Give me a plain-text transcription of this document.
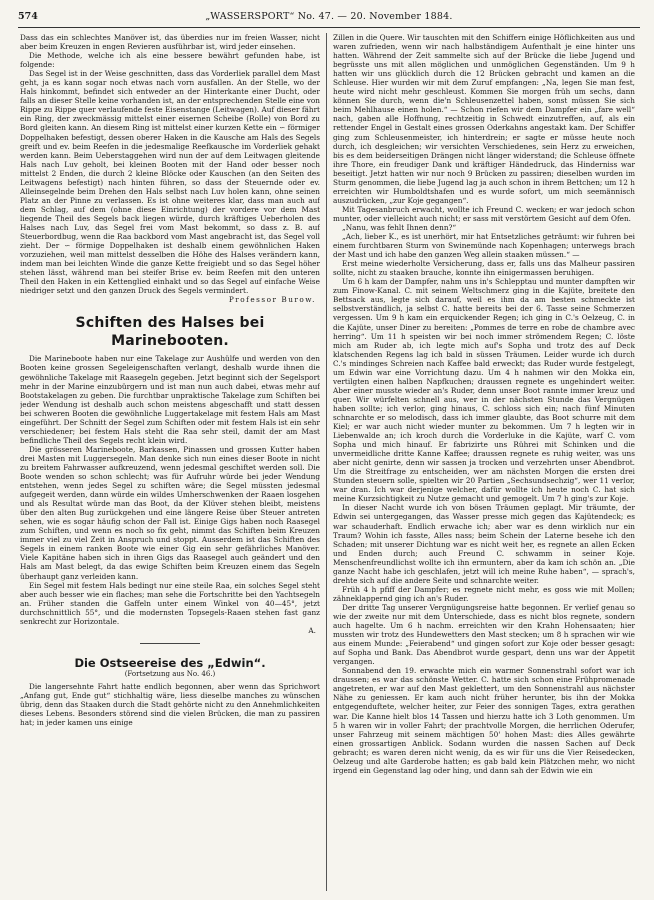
574	„WASSERSPORT“ No. 47. — 20. November 1884.

Dass das ein schlechtes Manöver ist, das überdies nur im freien Wasser, nicht aber beim Kreuzen in engen Revieren ausführbar ist, wird jeder einsehen.

Die Methode, welche ich als eine bessere bewährt gefunden habe, ist folgende:

Das Segel ist in der Weise geschnitten, dass das Vorderliek parallel dem Mast geht, ja es kann sogar noch etwas nach vorn ausfallen. An der Stelle, wo der Hals hinkommt, befindet sich entweder an der Hinterkante einer Ducht, oder falls an dieser Stelle keine vorhanden ist, an der entsprechenden Stelle eine von Rippe zu Rippe quer verlaufende feste Eisenstange (Leitwagen). Auf dieser fährt ein Ring, der zweckmässig mittelst einer eisernen Scheibe (Rolle) von Bord zu Bord gleiten kann. An diesem Ring ist mittelst einer kurzen Kette ein ∽ förmiger Doppelhaken befestigt, dessen oberer Haken in die Kausche am Hals des Segels greift und ev. beim Reefen in die jedesmalige Reefkausche im Vorderliek gehakt werden kann. Beim Ueberstaggehen wird nun der auf dem Leitwagen gleitende Hals nach Luv geholt, bei kleinen Booten mit der Hand oder besser noch mittelst 2 Enden, die durch 2 kleine Blöcke oder Kauschen (an den Seiten des Leitwagens befestigt) nach hinten führen, so dass der Steuernde oder ev. Alleinsegelnde beim Drehen den Hals selbst nach Luv holen kann, ohne seinen Platz an der Pinne zu verlassen. Es ist ohne weiteres klar, dass man auch auf dem Schlag, auf dem (ohne diese Einrichtung) der vordere vor dem Mast liegende Theil des Segels back liegen würde, durch kräftiges Ueberholen des Halses nach Luv, das Segel frei vom Mast bekommt, so dass z. B. auf Steuerbordbug, wenn die Raa backbord vom Mast angebracht ist, das Segel voll zieht. Der ∽ förmige Doppelhaken ist deshalb einem gewöhnlichen Haken vorzuziehen, weil man mittelst desselben die Höhe des Halses verändern kann, indem man bei leichten Winde die ganze Kette freigiebt und so das Segel höher stehen lässt, während man bei steifer Brise ev. beim Reefen mit den unteren Theil den Haken in ein Kettenglied einhakt und so das Segel auf einfache Weise niedriger setzt und den ganzen Druck des Segels vermindert.

Professor Burow.

Schiften des Halses bei Marinebooten.

Die Marineboote haben nur eine Takelage zur Aushülfe und werden von den Booten keine grossen Segeleigenschaften verlangt, deshalb wurde ihnen die gewöhnliche Takelage mit Raasegeln gegeben. Jetzt beginnt sich der Segelsport mehr in der Marine einzubürgern und ist man nun auch dabei, etwas mehr auf Bootstakelagen zu geben. Die furchtbar unpraktische Takelage zum Schiften bei jeder Wendung ist deshalb auch schon meistens abgeschafft und statt dessen bei schweren Booten die gewöhnliche Luggertakelage mit festem Hals am Mast eingeführt. Der Schnitt der Segel zum Schiften oder mit festem Hals ist ein sehr verschiedener; bei festem Hals steht die Raa sehr steil, damit der am Mast befindliche Theil des Segels recht klein wird.

Die grösseren Marineboote, Barkassen, Pinassen und grossen Kutter haben drei Masten mit Luggersegeln. Man denke sich nun eines dieser Boote in nicht zu breitem Fahrwasser aufkreuzend, wenn jedesmal geschiftet werden soll. Die Boote wenden so schon schlecht; was für Aufruhr würde bei jeder Wendung entstehen, wenn jedes Segel zu schiften wäre; die Segel müssten jedesmal aufgegeit werden, dann würde ein wildes Umherschwenken der Raaen losgehen und als Resultat würde man das Boot, da der Klüver stehen bleibt, meistens über den alten Bug zurückgehen und eine längere Reise über Steuer antreten sehen, wie es sogar häufig schon der Fall ist. Einige Gigs haben noch Raasegel zum Schiften, und wenn es noch so fix geht, nimmt das Schiften beim Kreuzen immer viel zu viel Zeit in Anspruch und stoppt. Ausserdem ist das Schiften des Segels in einem ranken Boote wie einer Gig ein sehr gefährliches Manöver. Viele Kapitäne haben sich in ihren Gigs das Raasegel auch geändert und den Hals am Mast belegt, da das ewige Schiften beim Kreuzen einem das Segeln überhaupt ganz verleiden kann.

Ein Segel mit festem Hals bedingt nur eine steile Raa, ein solches Segel steht aber auch besser wie ein flaches; man sehe die Fortschritte bei den Yachtsegeln an. Früher standen die Gaffeln unter einem Winkel von 40—45°, jetzt durchschnittlich 55°, und die modernsten Topsegels-Raaen stehen fast ganz senkrecht zur Horizontale.

A.

Die Ostseereise des „Edwin“.
(Fortsetzung aus No. 46.)

Die langersehnte Fahrt hatte endlich begonnen, aber wenn das Sprichwort „Anfang gut, Ende gut“ stichhaltig wäre, liess dieselbe manches zu wünschen übrig, denn das Staaken durch die Stadt gehörte nicht zu den Annehmlichkeiten dieses Lebens. Besonders störend sind die vielen Brücken, die man zu passiren hat; in jeder kamen uns einige

Zillen in die Quere. Wir tauschten mit den Schiffern einige Höflichkeiten aus und waren zufrieden, wenn wir nach halbständigem Aufenthalt je eine hinter uns hatten. Während der Zeit sammelte sich auf der Brücke die liebe Jugend und begrüsste uns mit allen möglichen und unmöglichen Gegenständen. Um 9 h hatten wir uns glücklich durch die 12 Brücken gebracht und kamen an die Schleuse. Hier wurden wir mit dem Zuruf empfangen: „Na, legen Sie man fest, heute wird nicht mehr geschleust. Kommen Sie morgen früh um sechs, dann können Sie durch, wenn die'n Schleusenzettel haben, sonst müssen Sie sich beim Mehlhause einen holen.“ — Schon riefen wir dem Dampfer ein „fare well“ nach, gaben alle Hoffnung, rechtzeitig in Schwedt einzutreffen, auf, als ein rettender Engel in Gestalt eines grossen Oderkahns angestakt kam. Der Schiffer ging zum Schleusenmeister, ich hinterdrein; er sagte er müsse heute noch durch, ich desgleichen; wir versichten Verschiedenes, sein Herz zu erweichen, bis es dem beiderseitigen Drängen nicht länger widerstand; die Schleuse öffnete ihre Thore, ein freudiger Dank und kräftiger Händedruck, das Hinderniss war beseitigt. Jetzt hatten wir nur noch 9 Brücken zu passiren; dieselben wurden im Sturm genommen, die liebe Jugend lag ja auch schon in ihrem Bettchen; um 12 h erreichten wir Humboldtshafen und es wurde sofort, um mich seemännisch auszudrücken, „zur Koje gegangen“.

Mit Tagesanbruch erwacht, wollte ich Freund C. wecken; er war jedoch schon munter, oder vielleicht auch nicht; er sass mit verstörtem Gesicht auf dem Ofen.

„Nanu, was fehlt Ihnen denn?“

„Ach, lieber K., es ist unerhört, mir hat Entsetzliches geträumt: wir fuhren bei einem furchtbaren Sturm von Swinemünde nach Kopenhagen; unterwegs brach der Mast und ich habe den ganzen Weg allein staaken müssen.“ —

Erst meine wiederholte Versicherung, dass er, falls uns das Malheur passiren sollte, nicht zu staaken brauche, konnte ihn einigermassen beruhigen.

Um 6 h kam der Dampfer, nahm uns in's Schlepptau und munter dampften wir zum Finow-Kanal. C. mit seinem Weltschmerz ging in die Kajüte, breitete den Bettsack aus, legte sich darauf, weil es ihm da am besten schmeckte ist selbstverständlich, ja selbst C. hatte bereits bei der 6. Tasse seine Schmerzen vergessen. Um 9 h kam ein erquickender Regen; ich ging in C.'s Oelzeug, C. in die Kajüte, unser Diner zu bereiten: „Pommes de terre en robe de chambre avec herring“. Um 11 h speisten wir bei noch immer strömendem Regen; C. löste mich am Ruder ab, ich legte mich auf's Sopha und trotz des auf Deck klatschenden Regens lag ich bald in süssen Träumen. Leider wurde ich durch C.'s mindinges Schreien nach Kaffee bald erweckt; das Ruder wurde festgelegt, um Edwin war eine Vorrichtung dazu. Um 4 h nahmen wir den Mokka ein, vertilgten einen halben Napfkuchen; draussen regnete es ungehindert weiter. Aber einer musste wieder an's Ruder, denn unser Boot rannte immer kreuz und quer. Wir würfelten schnell aus, wer in der nächsten Stunde das Vergnügen haben sollte; ich verlor, ging hinaus, C. schloss sich ein; nach fünf Minuten schnarchte er so melodisch, dass ich immer glaubte, das Boot schurre mit dem Kiel; er war auch nicht wieder munter zu bekommen. Um 7 h legten wir in Liebenwalde an; ich kroch durch die Vorderluke in die Kajüte, warf C. vom Sopha und mich hinauf. Er fabrizirte uns Rührei mit Schinken und die unvermeidliche dritte Kanne Kaffee; draussen regnete es ruhig weiter, was uns aber nicht genirte, denn wir sassen ja trocken und verzehrten unser Abendbrot. Um die Streitfrage zu entscheiden, wer am nächsten Morgen die ersten drei Stunden steuern solle, spielten wir 20 Partien „Sechsundsechzig“, wer 11 verlor, war dran. Ich war derjenige welcher, dafür wollte ich heute noch C. hat sich meine Kurzsichtigkeit zu Nutze gemacht und gemogelt. Um 7 h ging's zur Koje.

In dieser Nacht wurde ich von bösen Träumen geplagt. Mir träumte, der Edwin sei untergegangen, das Wasser presse mich gegen das Kajütendeck; es war schauderhaft. Endlich erwache ich; aber war es denn wirklich nur ein Traum? Wohin ich fasste, Alles nass; beim Schein der Laterne besehe ich den Schaden; mit unserer Dichtung war es nicht weit her, es regnete an allen Ecken und Enden durch; auch Freund C. schwamm in seiner Koje. Menschenfreundlichst wollte ich ihn ermuntern, aber da kam ich schön an. „Die ganze Nacht habe ich geschlafen, jetzt will ich meine Ruhe haben“, — sprach's, drehte sich auf die andere Seite und schnarchte weiter.

Früh 4 h pfiff der Dampfer; es regnete nicht mehr, es goss wie mit Mollen; zähneklappernd ging ich an's Ruder.

Der dritte Tag unserer Vergnügungsreise hatte begonnen. Er verlief genau so wie der zweite nur mit dem Unterschiede, dass es nicht blos regnete, sondern auch hagelte. Um 6 h nachm. erreichten wir den Krahn Hohensaaten; hier mussten wir trotz des Hundewetters den Mast stecken; um 8 h sprachen wir wie aus einem Munde: „Feierabend“ und gingen sofort zur Koje oder besser gesagt: auf Sopha und Bank. Das Abendbrot wurde gespart, denn uns war der Appetit vergangen.

Sonnabend den 19. erwachte mich ein warmer Sonnenstrahl sofort war ich draussen; es war das schönste Wetter. C. hatte sich schon eine Frühpromenade angetreten, er war auf den Mast geklettert, um den Sonnenstrahl aus nächster Nähe zu geniessen. Er kam auch nicht früher herunter, bis ihn der Mokka entgegenduftete, welcher heiter, zur Feier des sonnigen Tages, extra gerathen war. Die Kanne hielt blos 14 Tassen und hierzu hatte ich 3 Loth genommen. Um 5 h waren wir in voller Fahrt; der prachtvolle Morgen, die herrlichen Oderufer, unser Fahrzeug mit seinem mächtigen 50' hohen Mast: dies Alles gewährte einen grossartigen Anblick. Sodann wurden die nassen Sachen auf Deck gebracht; es waren deren nicht wenig, da es wir für uns die Vier Reisedecken, Oelzeug und alte Garderobe hatten; es gab bald kein Plätzchen mehr, wo nicht irgend ein Gegenstand lag oder hing, und dann sah der Edwin wie ein
